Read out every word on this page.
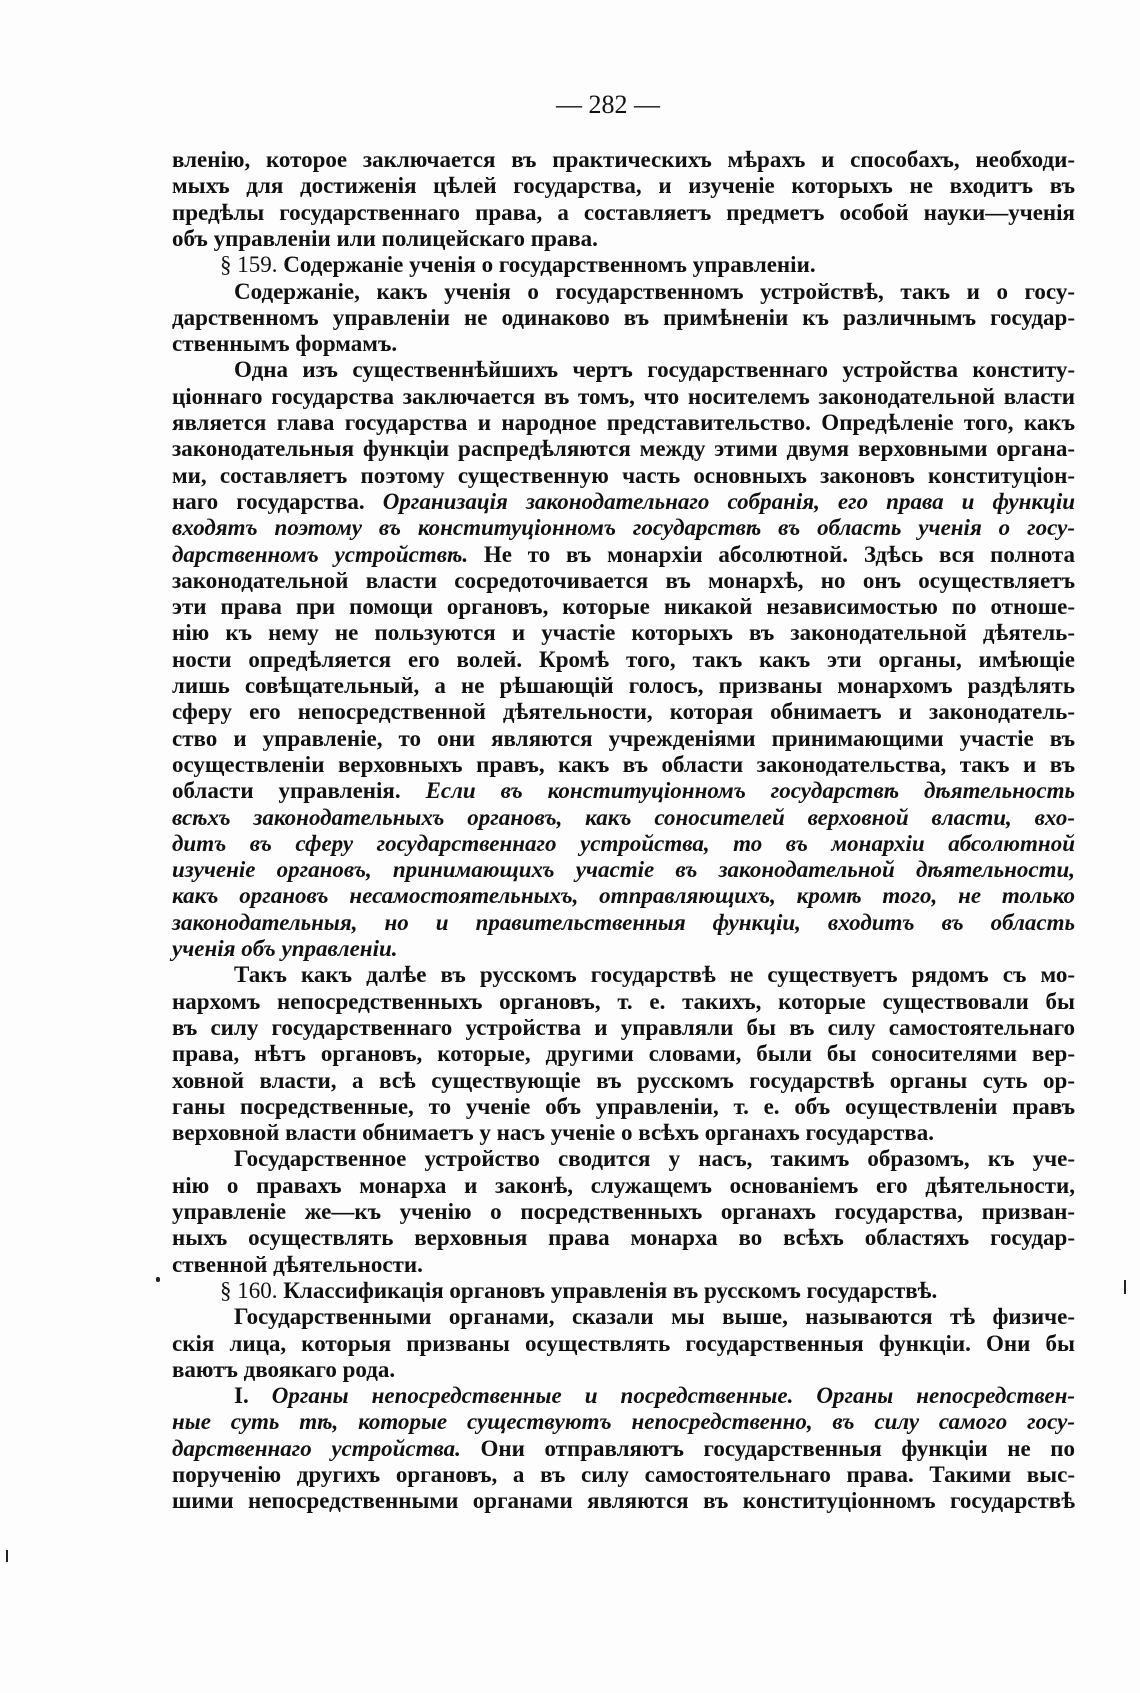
— 282 —
вленію, которое заключается въ практическихъ мѣрахъ и способахъ, необходи-
мыхъ для достиженія цѣлей государства, и изученіе которыхъ не входитъ въ
предѣлы государственнаго права, а составляетъ предметъ особой науки—ученія
объ управленіи или полицейскаго права.
§ 159. Содержаніе ученія о государственномъ управленіи.
Содержаніе, какъ ученія о государственномъ устройствѣ, такъ и о госу-
дарственномъ управленіи не одинаково въ примѣненіи къ различнымъ государ-
ственнымъ формамъ.
Одна изъ существеннѣйшихъ чертъ государственнаго устройства конститу-
ціоннаго государства заключается въ томъ, что носителемъ законодательной власти
является глава государства и народное представительство. Опредѣленіе того, какъ
законодательныя функціи распредѣляются между этими двумя верховными органа-
ми, составляетъ поэтому существенную часть основныхъ законовъ конституціон-
наго государства. Организація законодательнаго собранія, его права и функціи
входятъ поэтому въ конституціонномъ государствѣ въ область ученія о госу-
дарственномъ устройствѣ. Не то въ монархіи абсолютной. Здѣсь вся полнота
законодательной власти сосредоточивается въ монархѣ, но онъ осуществляетъ
эти права при помощи органовъ, которые никакой независимостью по отноше-
нію къ нему не пользуются и участіе которыхъ въ законодательной дѣятель-
ности опредѣляется его волей. Кромѣ того, такъ какъ эти органы, имѣющіе
лишь совѣщательный, а не рѣшающій голосъ, призваны монархомъ раздѣлять
сферу его непосредственной дѣятельности, которая обнимаетъ и законодатель-
ство и управленіе, то они являются учрежденіями принимающими участіе въ
осуществленіи верховныхъ правъ, какъ въ области законодательства, такъ и въ
области управленія. Если въ конституціонномъ государствѣ дѣятельность
всѣхъ законодательныхъ органовъ, какъ соносителей верховной власти, вхо-
дитъ въ сферу государственнаго устройства, то въ монархіи абсолютной
изученіе органовъ, принимающихъ участіе въ законодательной дѣятельности,
какъ органовъ несамостоятельныхъ, отправляющихъ, кромѣ того, не только
законодательныя, но и правительственныя функціи, входитъ въ область
ученія объ управленіи.
Такъ какъ далѣе въ русскомъ государствѣ не существуетъ рядомъ съ мо-
нархомъ непосредственныхъ органовъ, т. е. такихъ, которые существовали бы
въ силу государственнаго устройства и управляли бы въ силу самостоятельнаго
права, нѣтъ органовъ, которые, другими словами, были бы соносителями вер-
ховной власти, а всѣ существующіе въ русскомъ государствѣ органы суть ор-
ганы посредственные, то ученіе объ управленіи, т. е. объ осуществленіи правъ
верховной власти обнимаетъ у насъ ученіе о всѣхъ органахъ государства.
Государственное устройство сводится у насъ, такимъ образомъ, къ уче-
нію о правахъ монарха и законѣ, служащемъ основаніемъ его дѣятельности,
управленіе же—къ ученію о посредственныхъ органахъ государства, призван-
ныхъ осуществлять верховныя права монарха во всѣхъ областяхъ государ-
ственной дѣятельности.
§ 160. Классификація органовъ управленія въ русскомъ государствѣ.
Государственными органами, сказали мы выше, называются тѣ физиче-
скія лица, которыя призваны осуществлять государственныя функціи. Они бы
ваютъ двоякаго рода.
I. Органы непосредственные и посредственные. Органы непосредствен-
ные суть тѣ, которые существуютъ непосредственно, въ силу самого госу-
дарственнаго устройства. Они отправляютъ государственныя функціи не по
порученію другихъ органовъ, а въ силу самостоятельнаго права. Такими выс-
шими непосредственными органами являются въ конституціонномъ государствѣ
